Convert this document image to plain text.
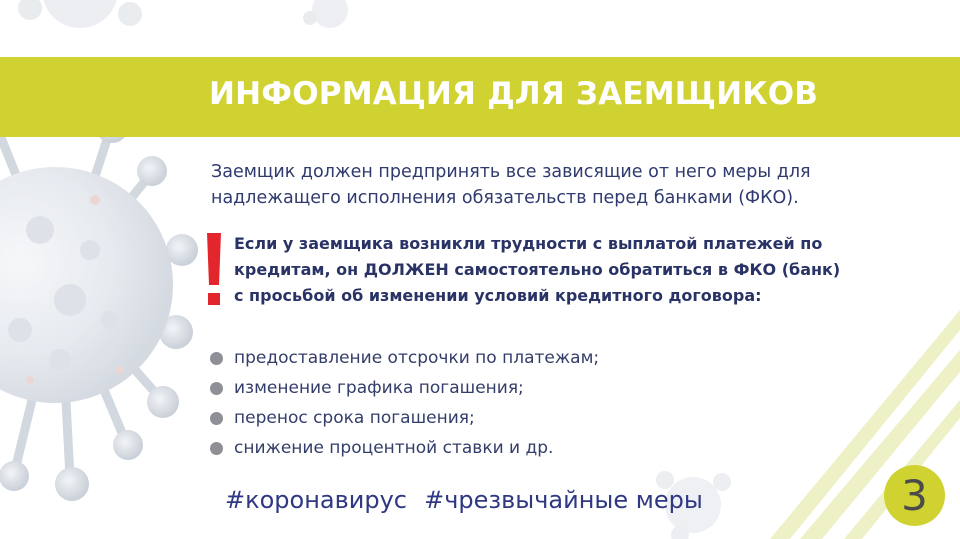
ИНФОРМАЦИЯ ДЛЯ ЗАЕМЩИКОВ
Заемщик должен предпринять все зависящие от него меры для
надлежащего исполнения обязательств перед банками (ФКО).
Если у заемщика возникли трудности с выплатой платежей по
кредитам, он ДОЛЖЕН самостоятельно обратиться в ФКО (банк)
с просьбой об изменении условий кредитного договора:
предоставление отсрочки по платежам;
изменение графика погашения;
перенос срока погашения;
снижение процентной ставки и др.
#коронавирус #чрезвычайные меры	3
